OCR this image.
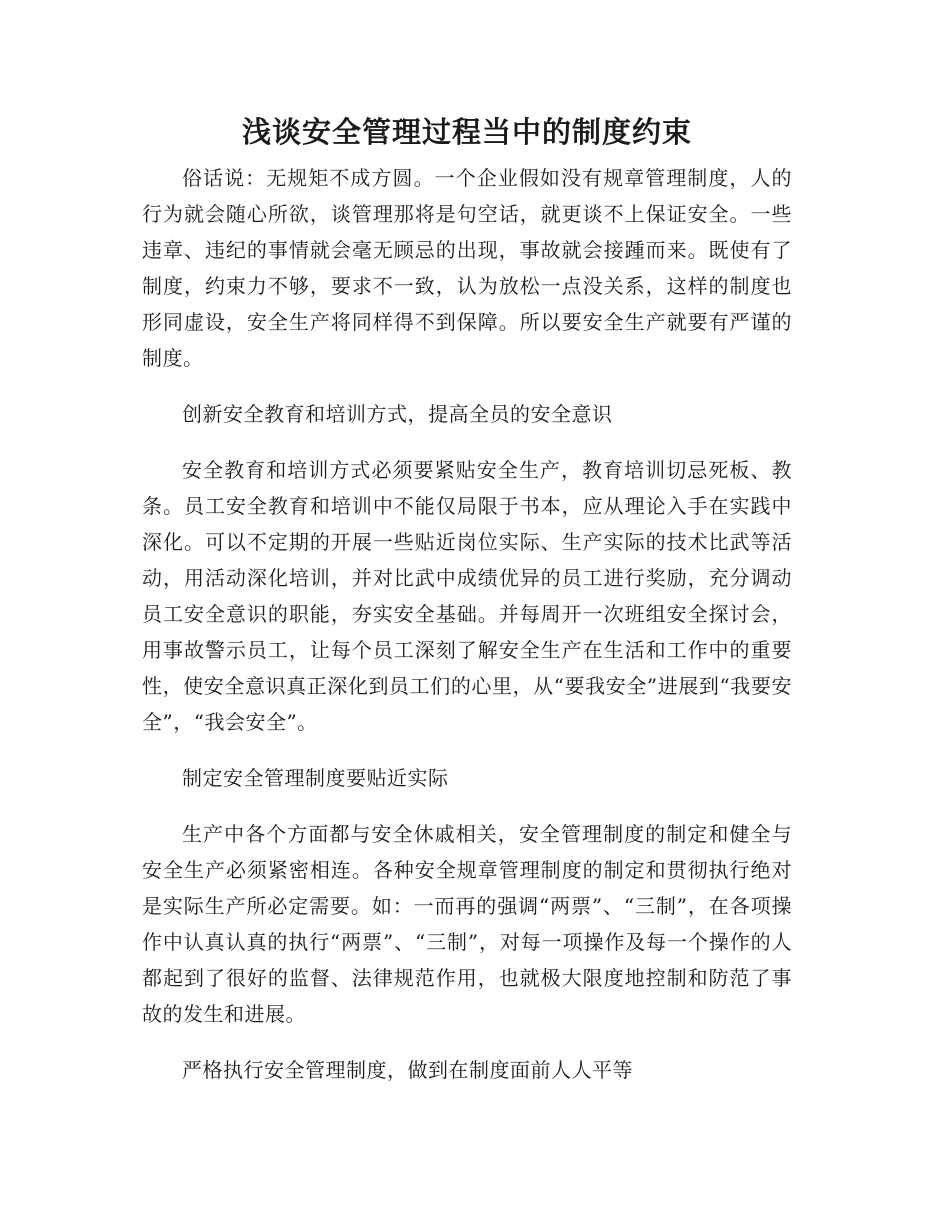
浅谈安全管理过程当中的制度约束

俗话说：无规矩不成方圆。一个企业假如没有规章管理制度，人的行为就会随心所欲，谈管理那将是句空话，就更谈不上保证安全。一些违章、违纪的事情就会毫无顾忌的出现，事故就会接踵而来。既使有了制度，约束力不够，要求不一致，认为放松一点没关系，这样的制度也形同虚设，安全生产将同样得不到保障。所以要安全生产就要有严谨的制度。

创新安全教育和培训方式，提高全员的安全意识

安全教育和培训方式必须要紧贴安全生产，教育培训切忌死板、教条。员工安全教育和培训中不能仅局限于书本，应从理论入手在实践中深化。可以不定期的开展一些贴近岗位实际、生产实际的技术比武等活动，用活动深化培训，并对比武中成绩优异的员工进行奖励，充分调动员工安全意识的职能，夯实安全基础。并每周开一次班组安全探讨会，用事故警示员工，让每个员工深刻了解安全生产在生活和工作中的重要性，使安全意识真正深化到员工们的心里，从“要我安全”进展到“我要安全”，“我会安全”。

制定安全管理制度要贴近实际

生产中各个方面都与安全休戚相关，安全管理制度的制定和健全与安全生产必须紧密相连。各种安全规章管理制度的制定和贯彻执行绝对是实际生产所必定需要。如：一而再的强调“两票”、“三制”，在各项操作中认真认真的执行“两票”、“三制”，对每一项操作及每一个操作的人都起到了很好的监督、法律规范作用，也就极大限度地控制和防范了事故的发生和进展。

严格执行安全管理制度，做到在制度面前人人平等
